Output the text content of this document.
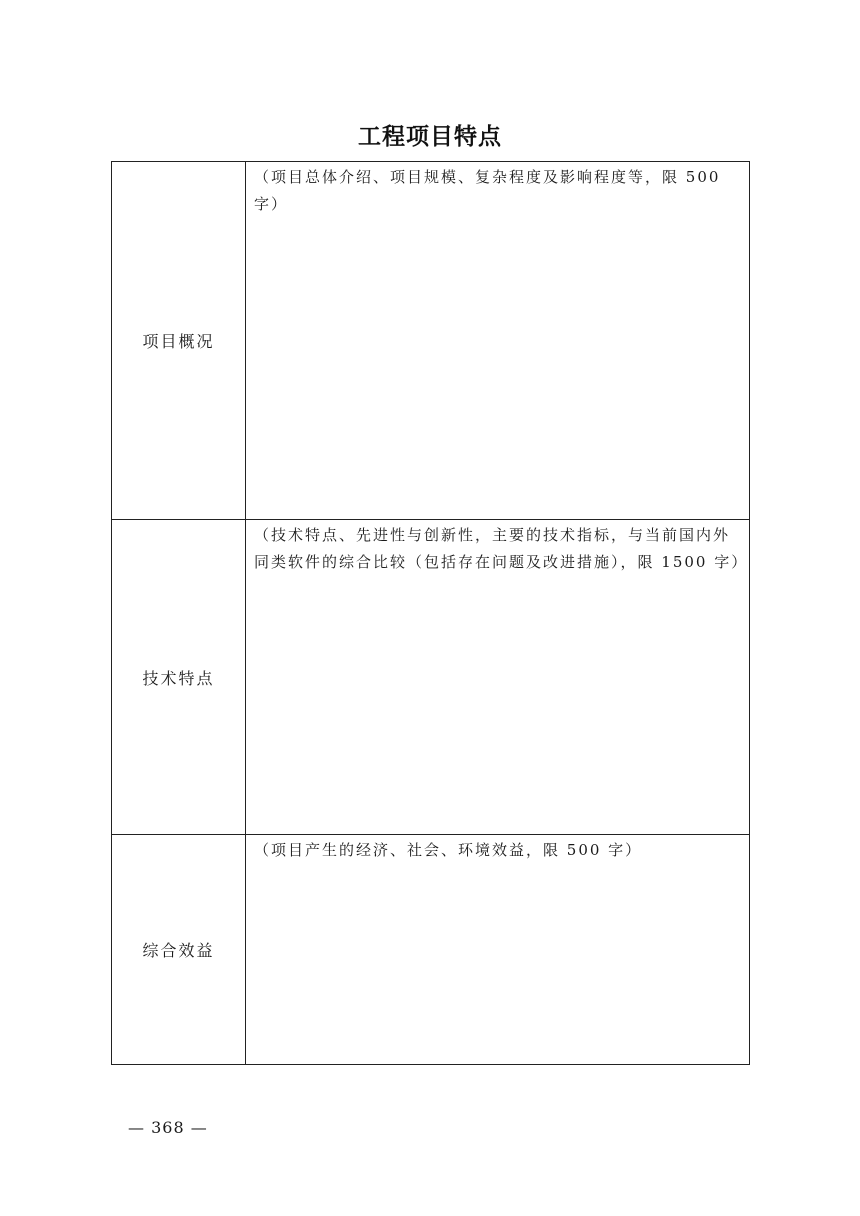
工程项目特点
项目概况	（项目总体介绍、项目规模、复杂程度及影响程度等，限 500 字）

技术特点	（技术特点、先进性与创新性，主要的技术指标，与当前国内外同类软件的综合比较（包括存在问题及改进措施），限 1500 字）

综合效益	（项目产生的经济、社会、环境效益，限 500 字）
— 368 —
